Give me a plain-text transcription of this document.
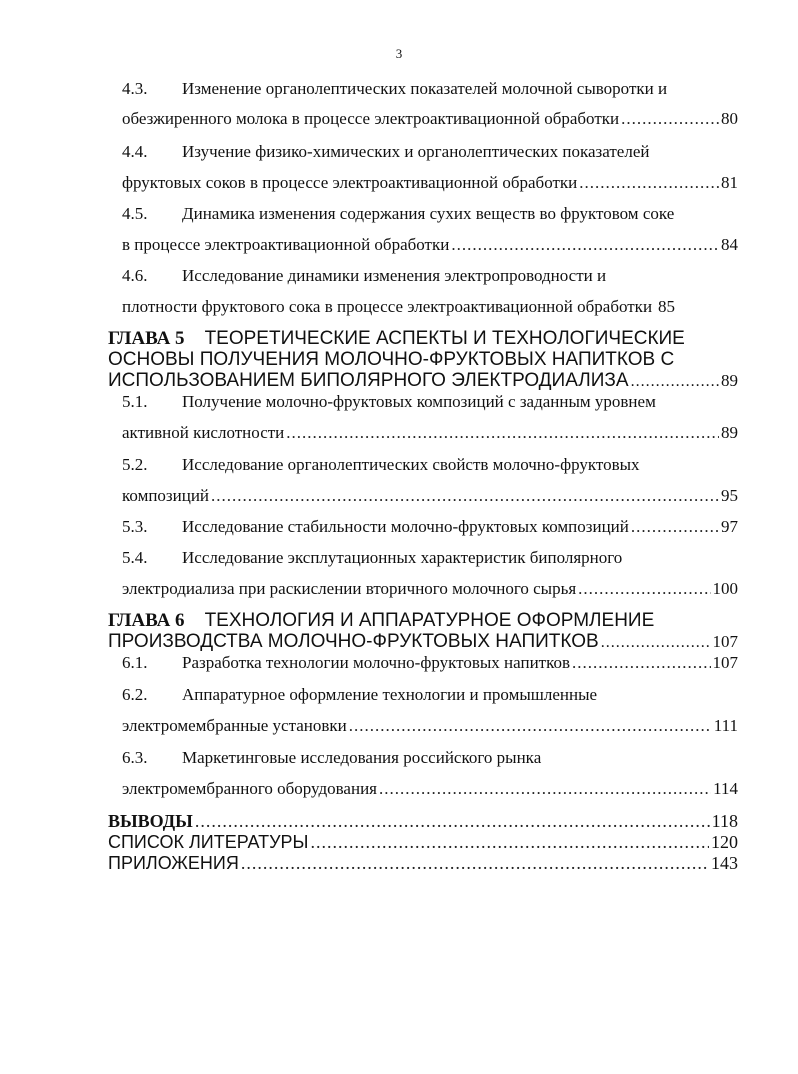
3
4.3.	Изменение органолептических показателей молочной сыворотки и
обезжиренного молока в процессе электроактивационной обработки .....	80
4.4.	Изучение физико-химических и органолептических показателей
фруктовых соков в процессе электроактивационной обработки .....	81
4.5.	Динамика изменения содержания сухих веществ во фруктовом соке
в процессе электроактивационной обработки .....	84
4.6.	Исследование динамики изменения электропроводности и
плотности фруктового сока в процессе электроактивационной обработки 85
ГЛАВА 5 ТЕОРЕТИЧЕСКИЕ АСПЕКТЫ И ТЕХНОЛОГИЧЕСКИЕ
ОСНОВЫ ПОЛУЧЕНИЯ МОЛОЧНО-ФРУКТОВЫХ НАПИТКОВ С
ИСПОЛЬЗОВАНИЕМ БИПОЛЯРНОГО ЭЛЕКТРОДИАЛИЗА .....	89
5.1.	Получение молочно-фруктовых композиций с заданным уровнем
активной кислотности .....	89
5.2.	Исследование органолептических свойств молочно-фруктовых
композиций .....	95
5.3.	Исследование стабильности молочно-фруктовых композиций .....	97
5.4.	Исследование эксплутационных характеристик биполярного
электродиализа при раскислении вторичного молочного сырья .....	100
ГЛАВА 6 ТЕХНОЛОГИЯ И АППАРАТУРНОЕ ОФОРМЛЕНИЕ
ПРОИЗВОДСТВА МОЛОЧНО-ФРУКТОВЫХ НАПИТКОВ .....	107
6.1.	Разработка технологии молочно-фруктовых напитков .....	107
6.2.	Аппаратурное оформление технологии и промышленные
электромембранные установки .....	111
6.3.	Маркетинговые исследования российского рынка
электромембранного оборудования .....	114
ВЫВОДЫ .....	118
СПИСОК ЛИТЕРАТУРЫ .....	120
ПРИЛОЖЕНИЯ .....	143
